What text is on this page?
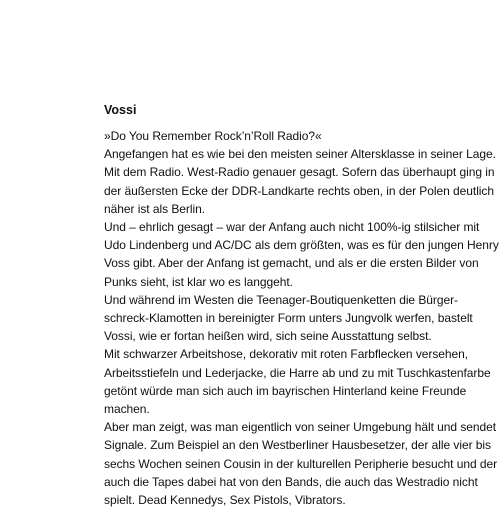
Vossi

»Do You Remember Rock’n’Roll Radio?«

Angefangen hat es wie bei den meisten seiner Altersklasse in seiner Lage. Mit dem Radio. West-Radio genauer gesagt. Sofern das überhaupt ging in der äußersten Ecke der DDR-Landkarte rechts oben, in der Polen deutlich näher ist als Berlin.

Und – ehrlich gesagt – war der Anfang auch nicht 100%-ig stilsicher mit Udo Lindenberg und AC/DC als dem größten, was es für den jungen Henry Voss gibt. Aber der Anfang ist gemacht, und als er die ersten Bilder von Punks sieht, ist klar wo es langgeht.

Und während im Westen die Teenager-Boutiquenketten die Bürger-schreck-Klamotten in bereinigter Form unters Jungvolk werfen, bastelt Vossi, wie er fortan heißen wird, sich seine Ausstattung selbst.

Mit schwarzer Arbeitshose, dekorativ mit roten Farbflecken versehen, Arbeitsstiefeln und Lederjacke, die Harre ab und zu mit Tuschkastenfarbe getönt würde man sich auch im bayrischen Hinterland keine Freunde machen.

Aber man zeigt, was man eigentlich von seiner Umgebung hält und sendet Signale. Zum Beispiel an den Westberliner Hausbesetzer, der alle vier bis sechs Wochen seinen Cousin in der kulturellen Peripherie besucht und der auch die Tapes dabei hat von den Bands, die auch das Westradio nicht spielt. Dead Kennedys, Sex Pistols, Vibrators.
